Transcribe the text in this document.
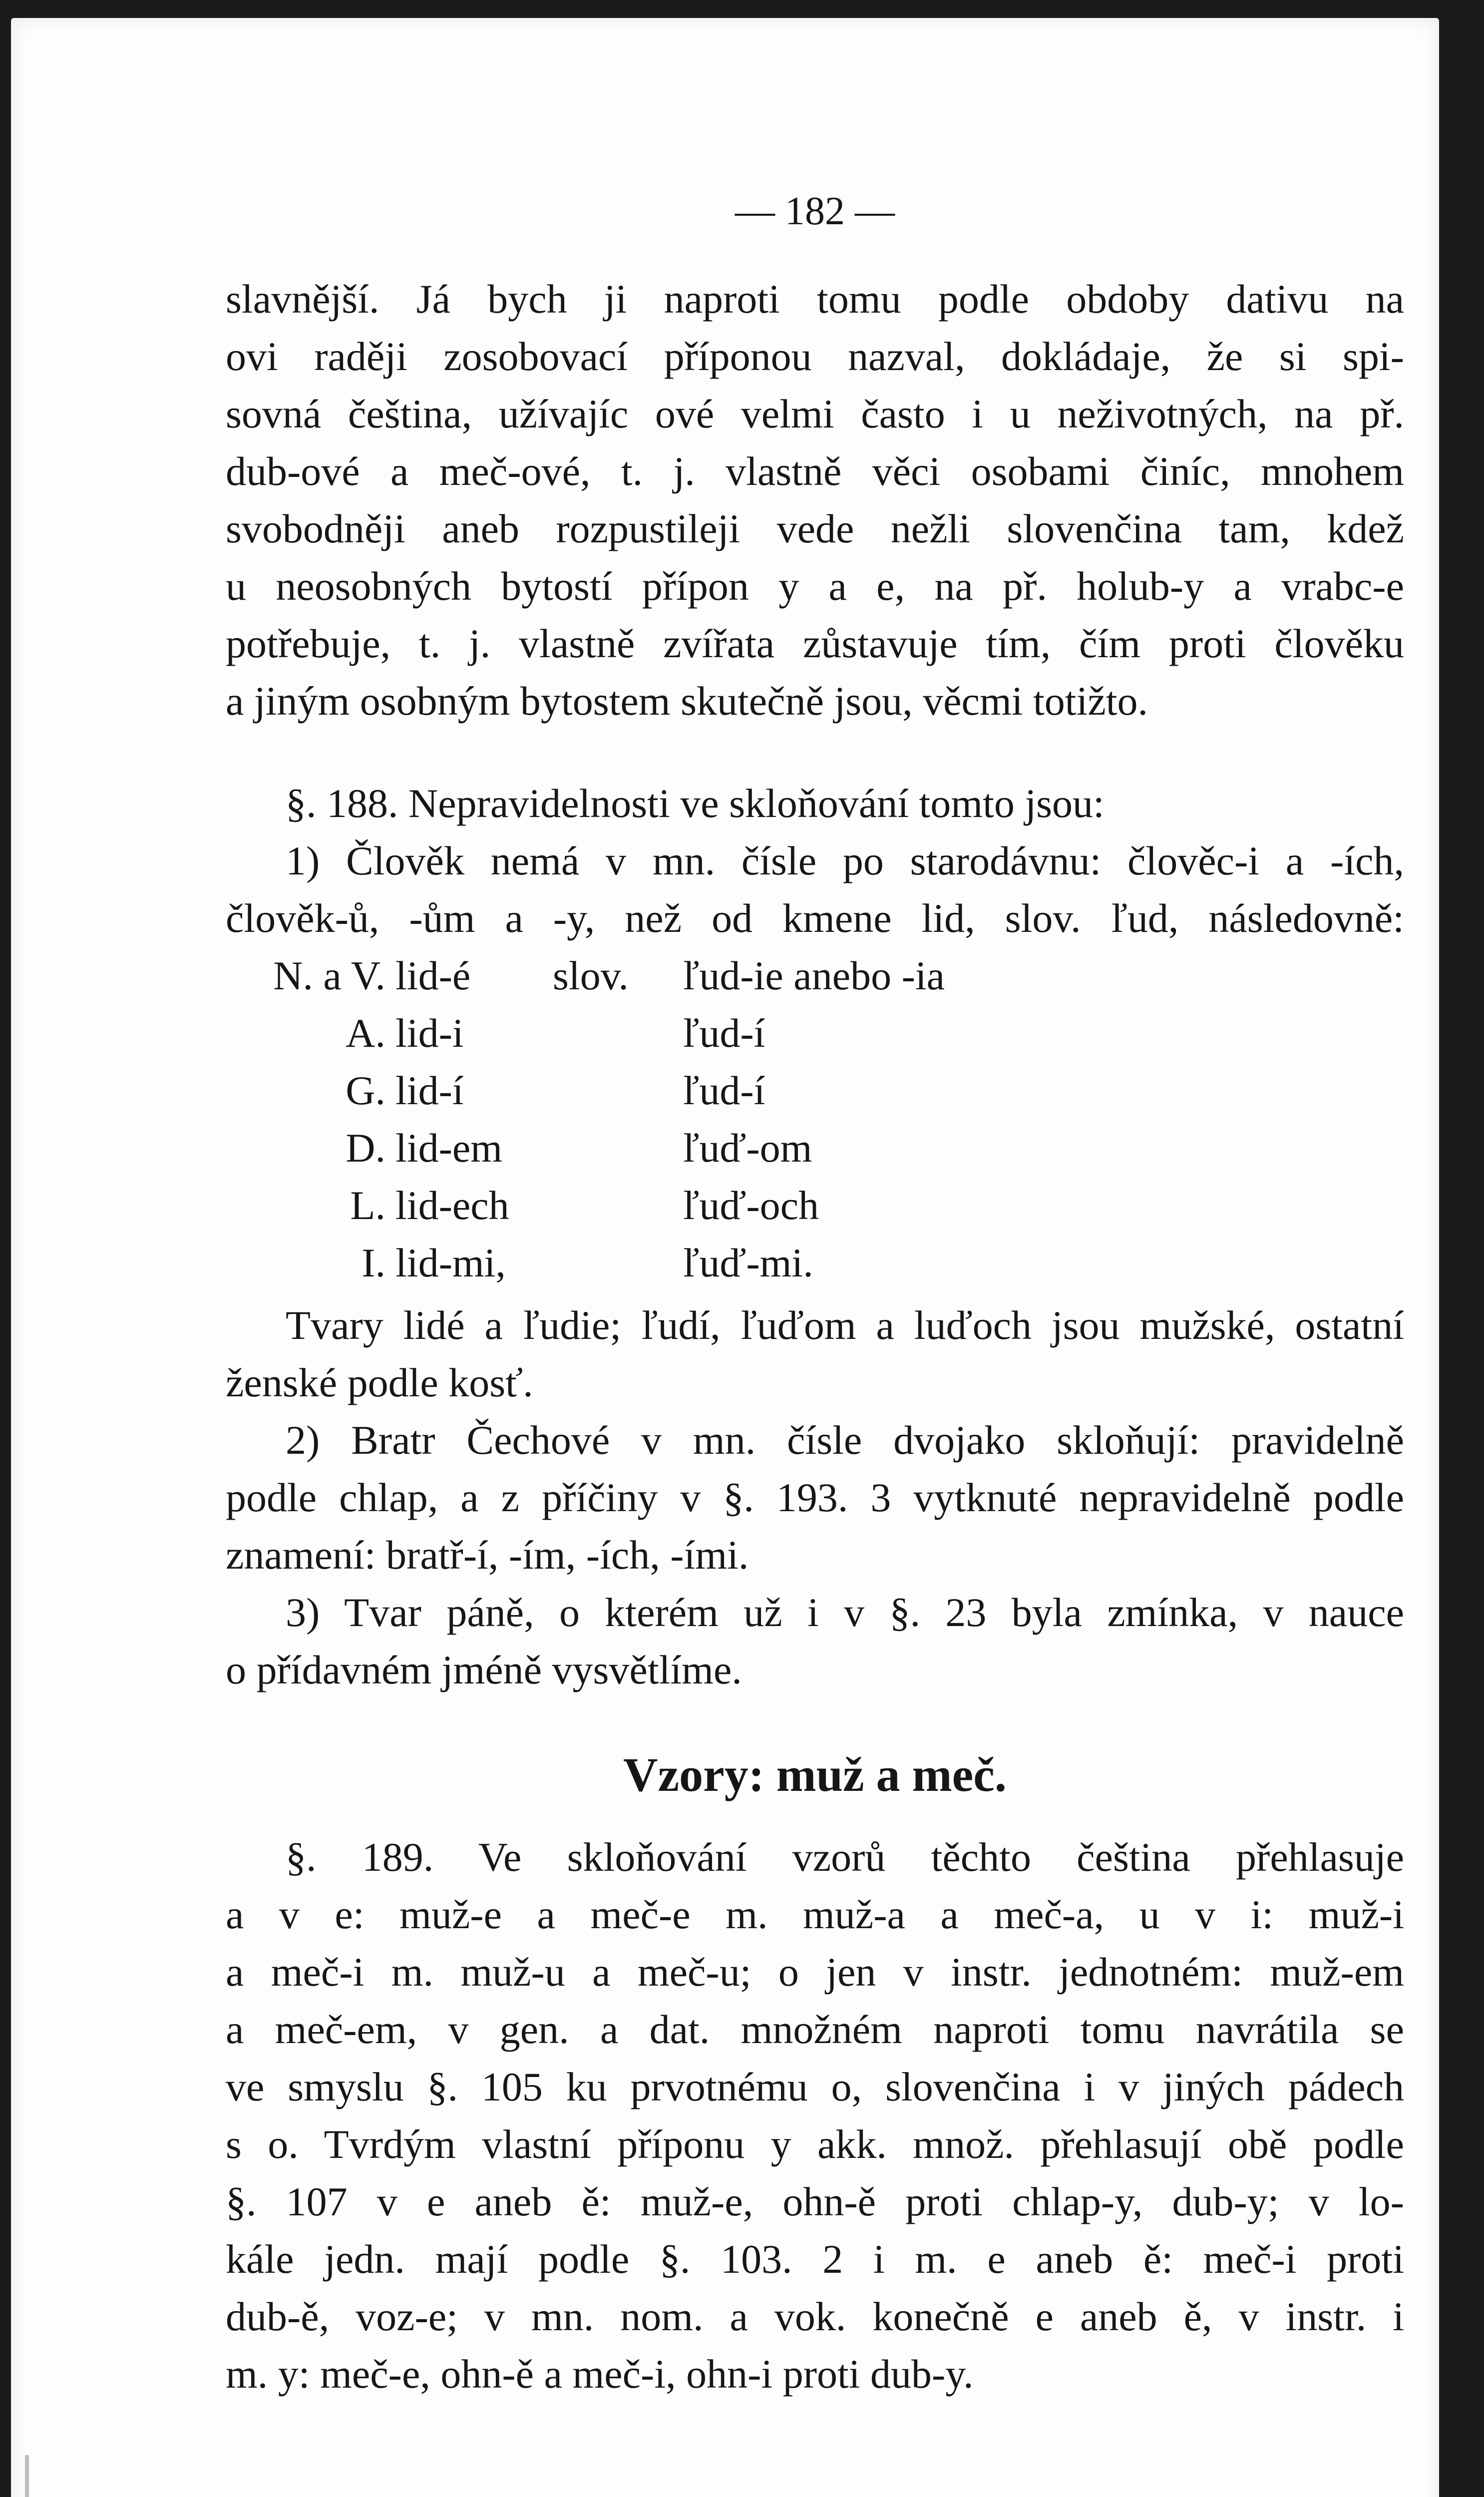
— 182 —
slavnější. Já bych ji naproti tomu podle obdoby dativu na
ovi raději zosobovací příponou nazval, dokládaje, že si spi-
sovná čeština, užívajíc ové velmi často i u neživotných, na př.
dub-ové a meč-ové, t. j. vlastně věci osobami činíc, mnohem
svobodněji aneb rozpustileji vede nežli slovenčina tam, kdež
u neosobných bytostí přípon y a e, na př. holub-y a vrabc-e
potřebuje, t. j. vlastně zvířata zůstavuje tím, čím proti člověku
a jiným osobným bytostem skutečně jsou, věcmi totižto.
§. 188. Nepravidelnosti ve skloňování tomto jsou:
1) Člověk nemá v mn. čísle po starodávnu: člověc-i a -ích,
člověk-ů, -ům a -y, než od kmene lid, slov. ľud, následovně:
N. a V. lid-é slov. ľud-ie anebo -ia
A. lid-i	ľud-í
G. lid-í	ľud-í
D. lid-em	ľuď-om
L. lid-ech	ľuď-och
I. lid-mi,	ľuď-mi.
Tvary lidé a ľudie; ľudí, ľuďom a luďoch jsou mužské, ostatní
ženské podle kosť.
2) Bratr Čechové v mn. čísle dvojako skloňují: pravidelně
podle chlap, a z příčiny v §. 193. 3 vytknuté nepravidelně podle
znamení: bratř-í, -ím, -ích, -ími.
3) Tvar páně, o kterém už i v §. 23 byla zmínka, v nauce
o přídavném jméně vysvětlíme.
Vzory: muž a meč.
§. 189. Ve skloňování vzorů těchto čeština přehlasuje
a v e: muž-e a meč-e m. muž-a a meč-a, u v i: muž-i
a meč-i m. muž-u a meč-u; o jen v instr. jednotném: muž-em
a meč-em, v gen. a dat. množném naproti tomu navrátila se
ve smyslu §. 105 ku prvotnému o, slovenčina i v jiných pádech
s o. Tvrdým vlastní příponu y akk. množ. přehlasují obě podle
§. 107 v e aneb ě: muž-e, ohn-ě proti chlap-y, dub-y; v lo-
kále jedn. mají podle §. 103. 2 i m. e aneb ě: meč-i proti
dub-ě, voz-e; v mn. nom. a vok. konečně e aneb ě, v instr. i
m. y: meč-e, ohn-ě a meč-i, ohn-i proti dub-y.
